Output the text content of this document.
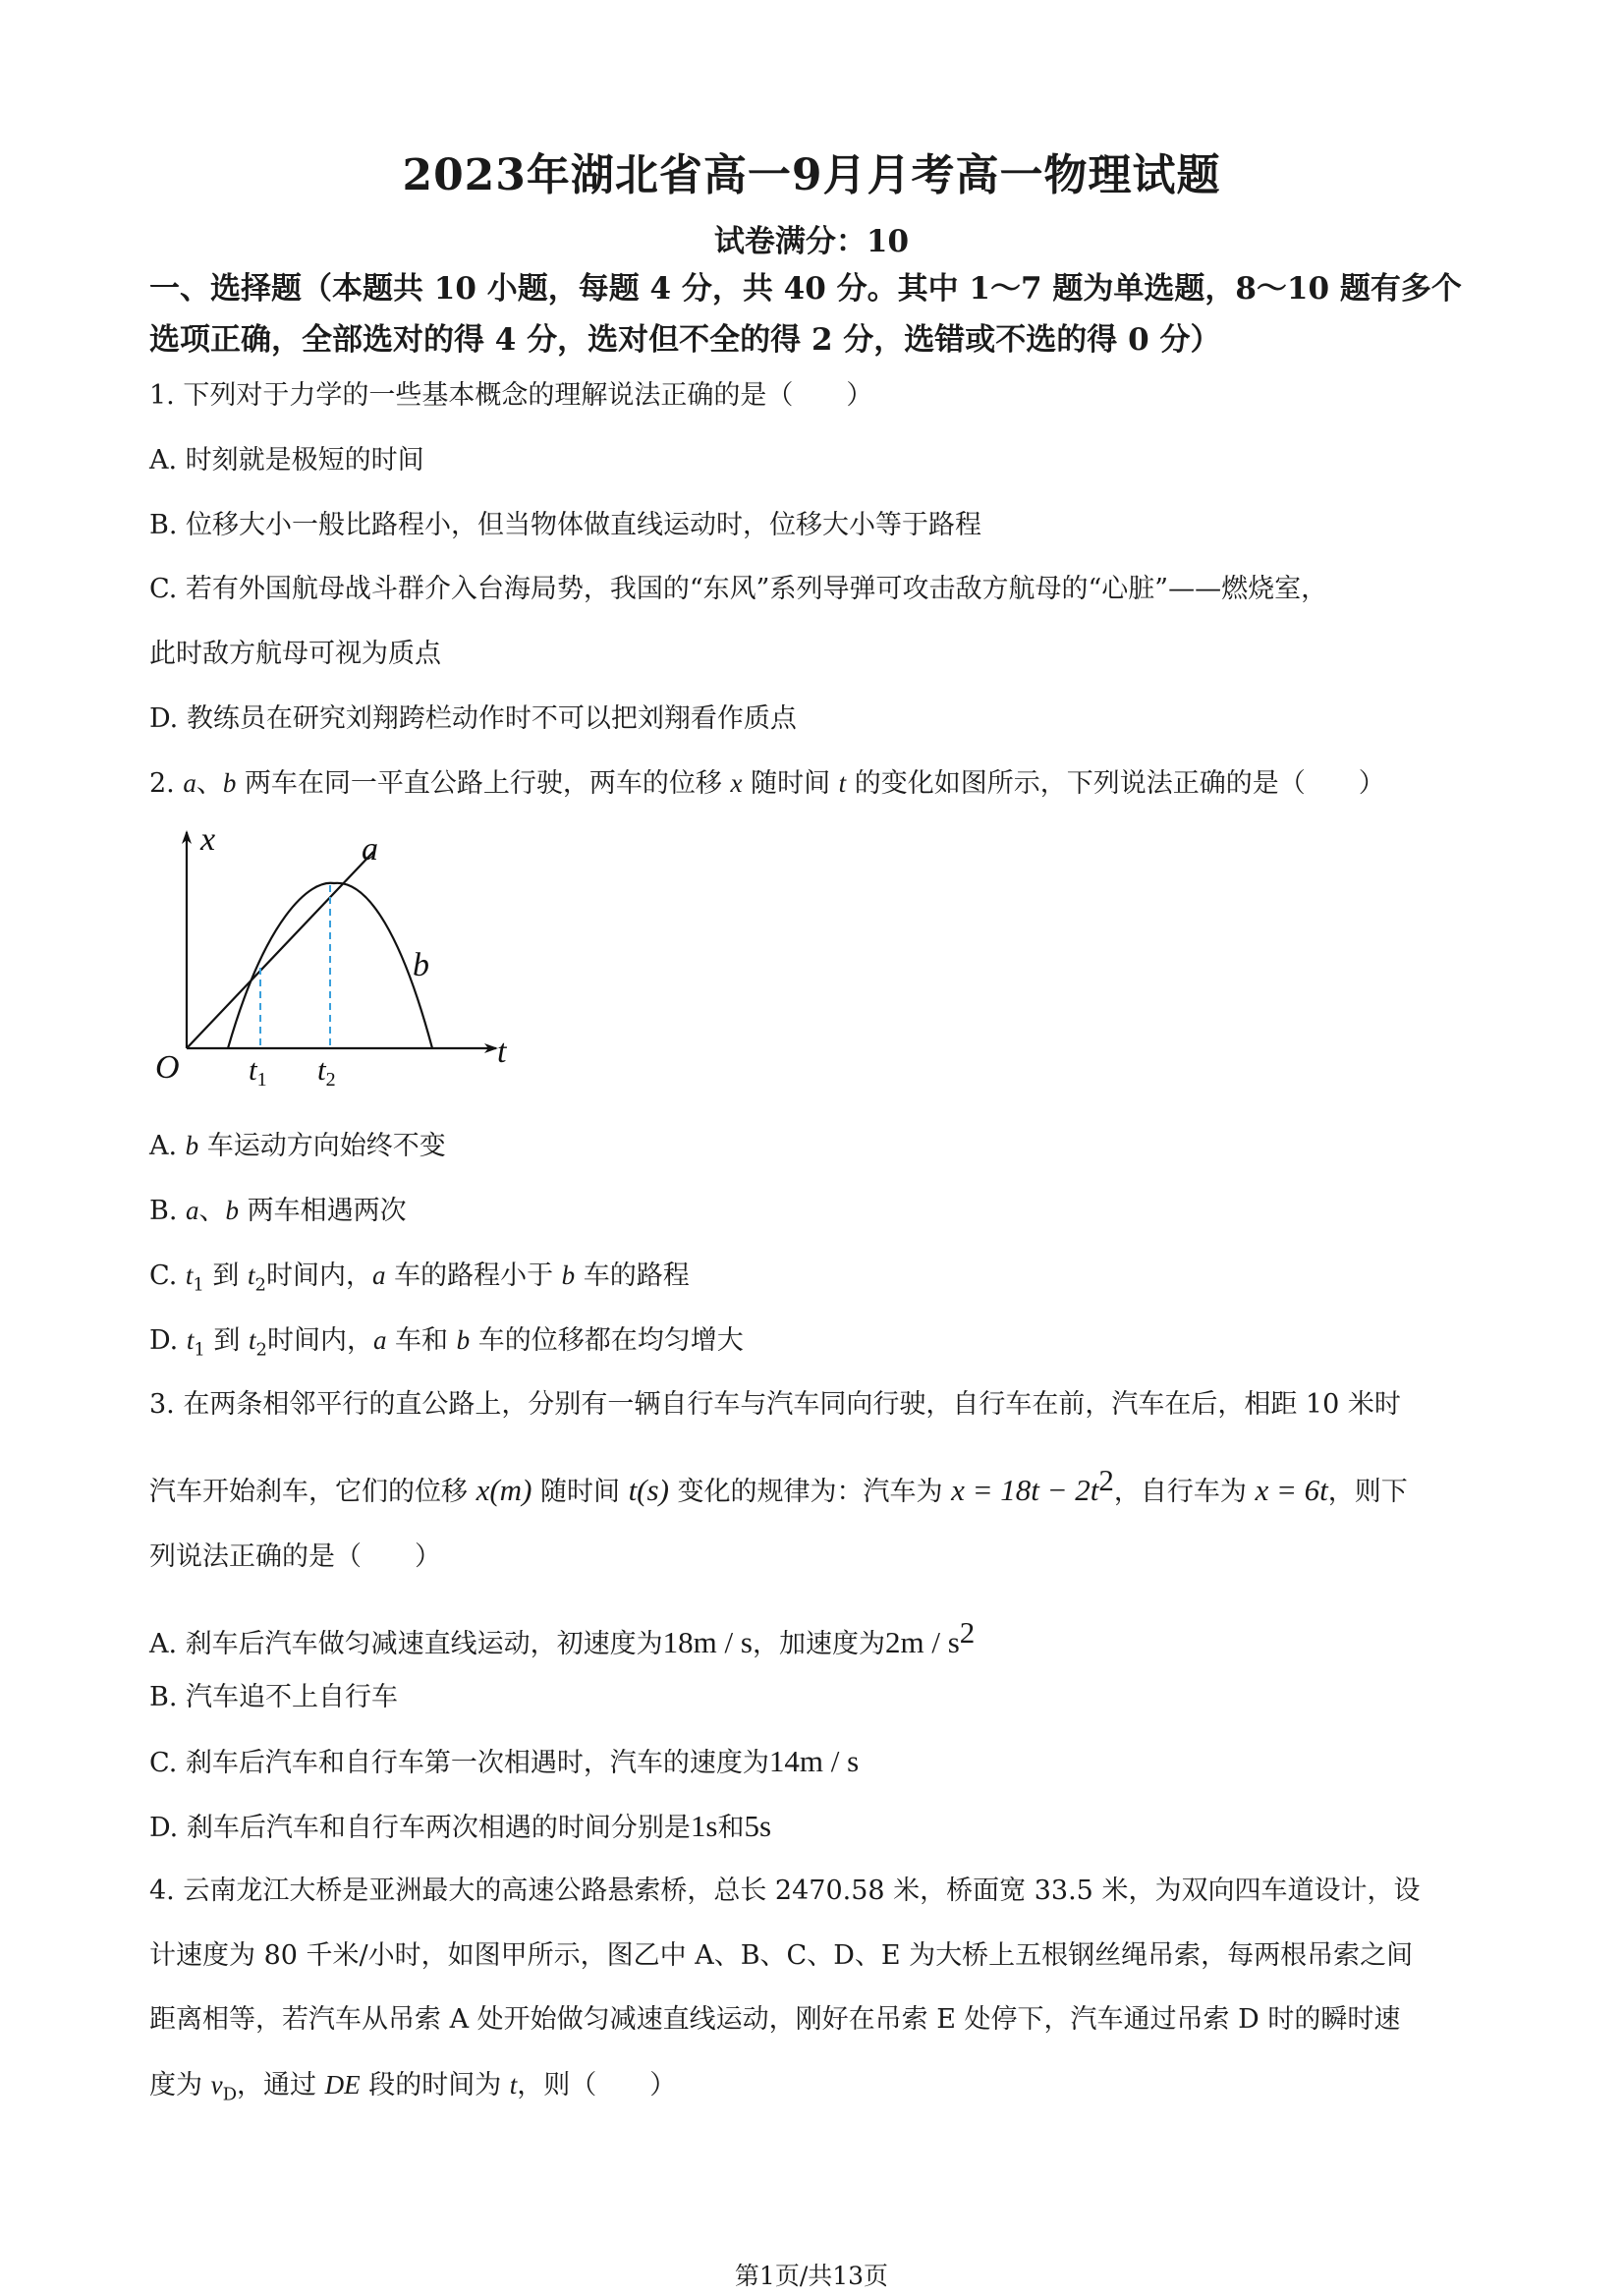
2023年湖北省高一9月月考高一物理试题
试卷满分：10
一、选择题（本题共 10 小题，每题 4 分，共 40 分。其中 1～7 题为单选题，8～10 题有多个
选项正确，全部选对的得 4 分，选对但不全的得 2 分，选错或不选的得 0 分）
1. 下列对于力学的一些基本概念的理解说法正确的是（　　）
A. 时刻就是极短的时间
B. 位移大小一般比路程小，但当物体做直线运动时，位移大小等于路程
C. 若有外国航母战斗群介入台海局势，我国的“东风”系列导弹可攻击敌方航母的“心脏”——燃烧室，
此时敌方航母可视为质点
D. 教练员在研究刘翔跨栏动作时不可以把刘翔看作质点
2. a、b 两车在同一平直公路上行驶，两车的位移 x 随时间 t 的变化如图所示，下列说法正确的是（　　）
x
t
O t1 t2
a
b
A. b 车运动方向始终不变
B. a、b 两车相遇两次
C. $t_1$ 到 $t_2$时间内，a 车的路程小于 b 车的路程
D. $t_1$ 到 $t_2$时间内，a 车和 b 车的位移都在均匀增大
3. 在两条相邻平行的直公路上，分别有一辆自行车与汽车同向行驶，自行车在前，汽车在后，相距 10 米时
汽车开始刹车，它们的位移 x(m) 随时间 t(s) 变化的规律为：汽车为 $x = 18t - 2t^2$，自行车为 x = 6t，则下
列说法正确的是（　　）
A. 刹车后汽车做匀减速直线运动，初速度为18m / s，加速度为$2m / s^2$
B. 汽车追不上自行车
C. 刹车后汽车和自行车第一次相遇时，汽车的速度为14m / s
D. 刹车后汽车和自行车两次相遇的时间分别是1s和5s
4. 云南龙江大桥是亚洲最大的高速公路悬索桥，总长 2470.58 米，桥面宽 33.5 米，为双向四车道设计，设
计速度为 80 千米/小时，如图甲所示，图乙中 A、B、C、D、E 为大桥上五根钢丝绳吊索，每两根吊索之间
距离相等，若汽车从吊索 A 处开始做匀减速直线运动，刚好在吊索 E 处停下，汽车通过吊索 D 时的瞬时速
度为 $v_D$，通过 DE 段的时间为 t，则（　　）
第1页/共13页
